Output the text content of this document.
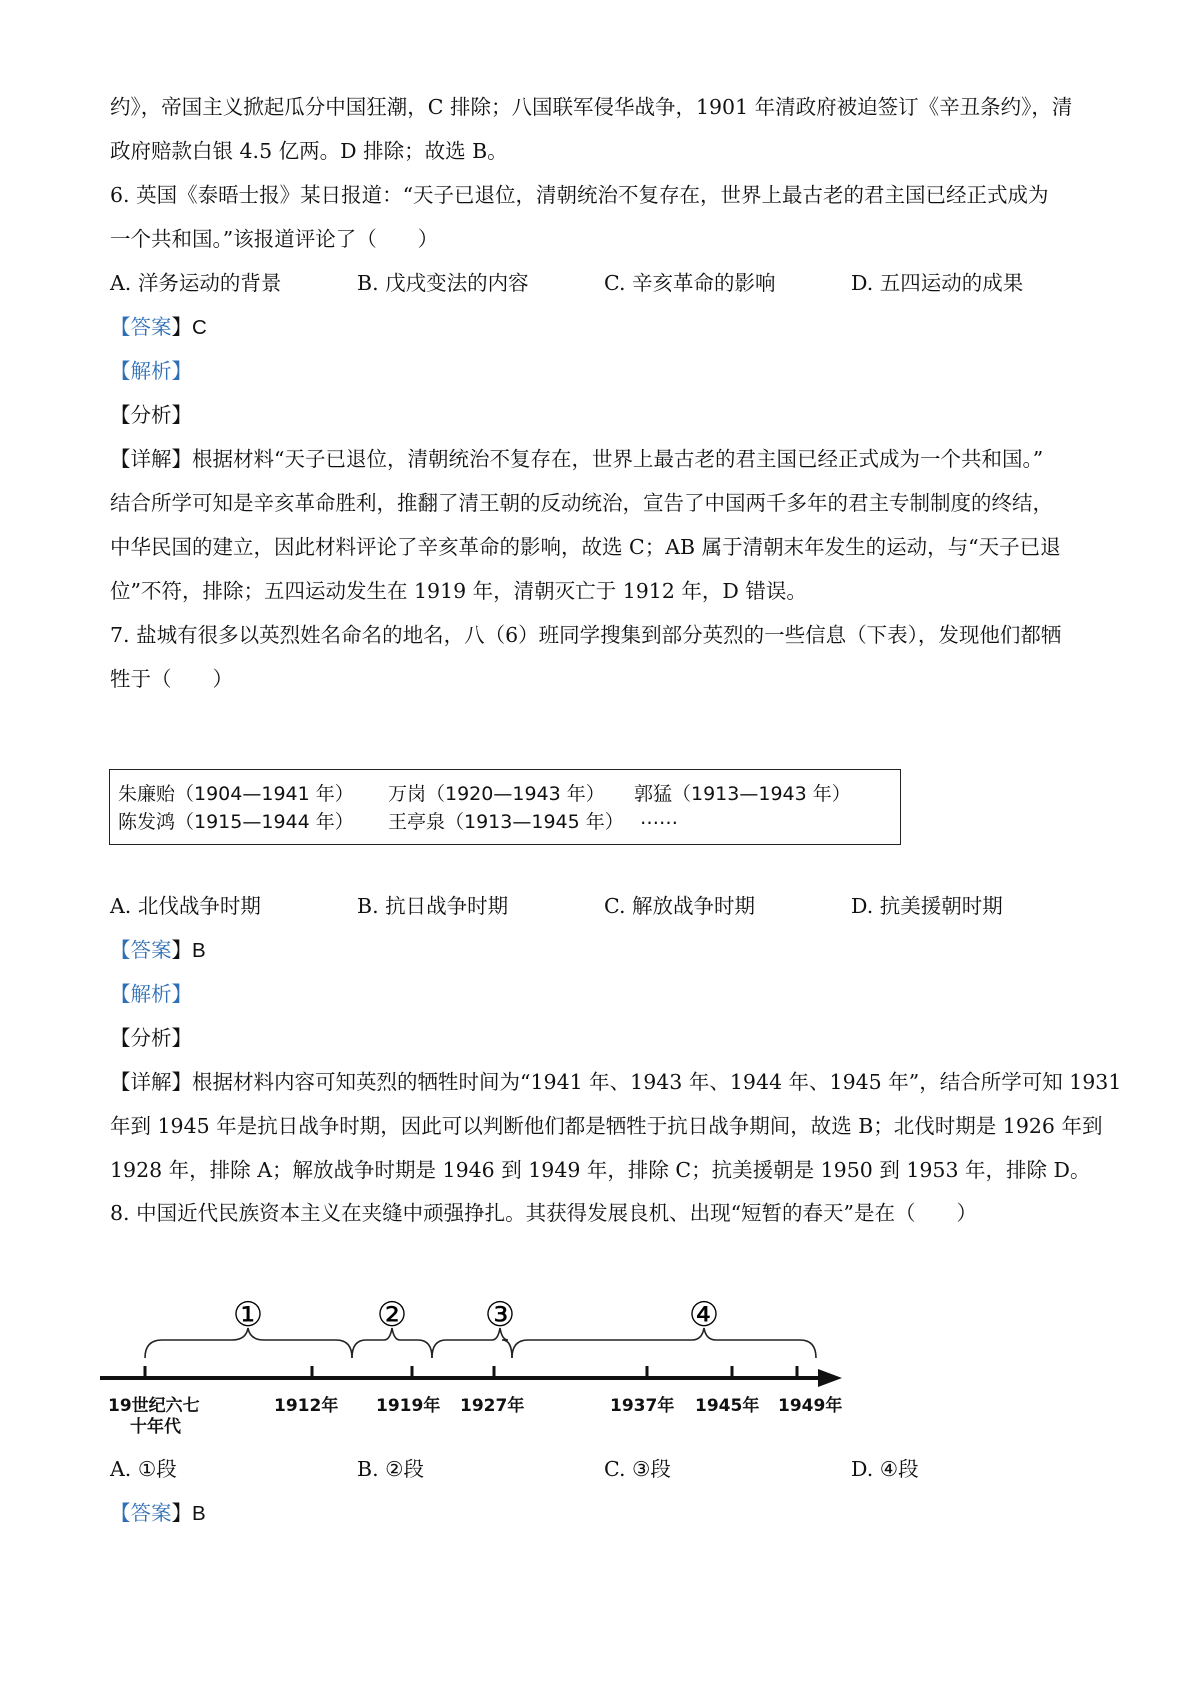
约》，帝国主义掀起瓜分中国狂潮，C 排除；八国联军侵华战争，1901 年清政府被迫签订《辛丑条约》，清
政府赔款白银 4.5 亿两。D 排除；故选 B。
6. 英国《泰晤士报》某日报道：“天子已退位，清朝统治不复存在，世界上最古老的君主国已经正式成为
一个共和国。”该报道评论了（　　）
A. 洋务运动的背景	B. 戊戌变法的内容	C. 辛亥革命的影响	D. 五四运动的成果
【答案】C
【解析】
【分析】
【详解】根据材料“天子已退位，清朝统治不复存在，世界上最古老的君主国已经正式成为一个共和国。”
结合所学可知是辛亥革命胜利，推翻了清王朝的反动统治，宣告了中国两千多年的君主专制制度的终结，
中华民国的建立，因此材料评论了辛亥革命的影响，故选 C；AB 属于清朝末年发生的运动，与“天子已退
位”不符，排除；五四运动发生在 1919 年，清朝灭亡于 1912 年，D 错误。
7. 盐城有很多以英烈姓名命名的地名，八（6）班同学搜集到部分英烈的一些信息（下表），发现他们都牺
牲于（　　）
朱廉贻（1904—1941 年） 万岗（1920—1943 年） 郭猛（1913—1943 年）
陈发鸿（1915—1944 年） 王亭泉（1913—1945 年） ……
A. 北伐战争时期	B. 抗日战争时期	C. 解放战争时期	D. 抗美援朝时期
【答案】B
【解析】
【分析】
【详解】根据材料内容可知英烈的牺牲时间为“1941 年、1943 年、1944 年、1945 年”，结合所学可知 1931
年到 1945 年是抗日战争时期，因此可以判断他们都是牺牲于抗日战争期间，故选 B；北伐时期是 1926 年到
1928 年，排除 A；解放战争时期是 1946 到 1949 年，排除 C；抗美援朝是 1950 到 1953 年，排除 D。
8. 中国近代民族资本主义在夹缝中顽强挣扎。其获得发展良机、出现“短暂的春天”是在（　　）
①	② ③	④
19世纪六七
十年代
1912年 1919年 1927年	1937年 1945年 1949年
A. ①段	B. ②段	C. ③段	D. ④段
【答案】B
